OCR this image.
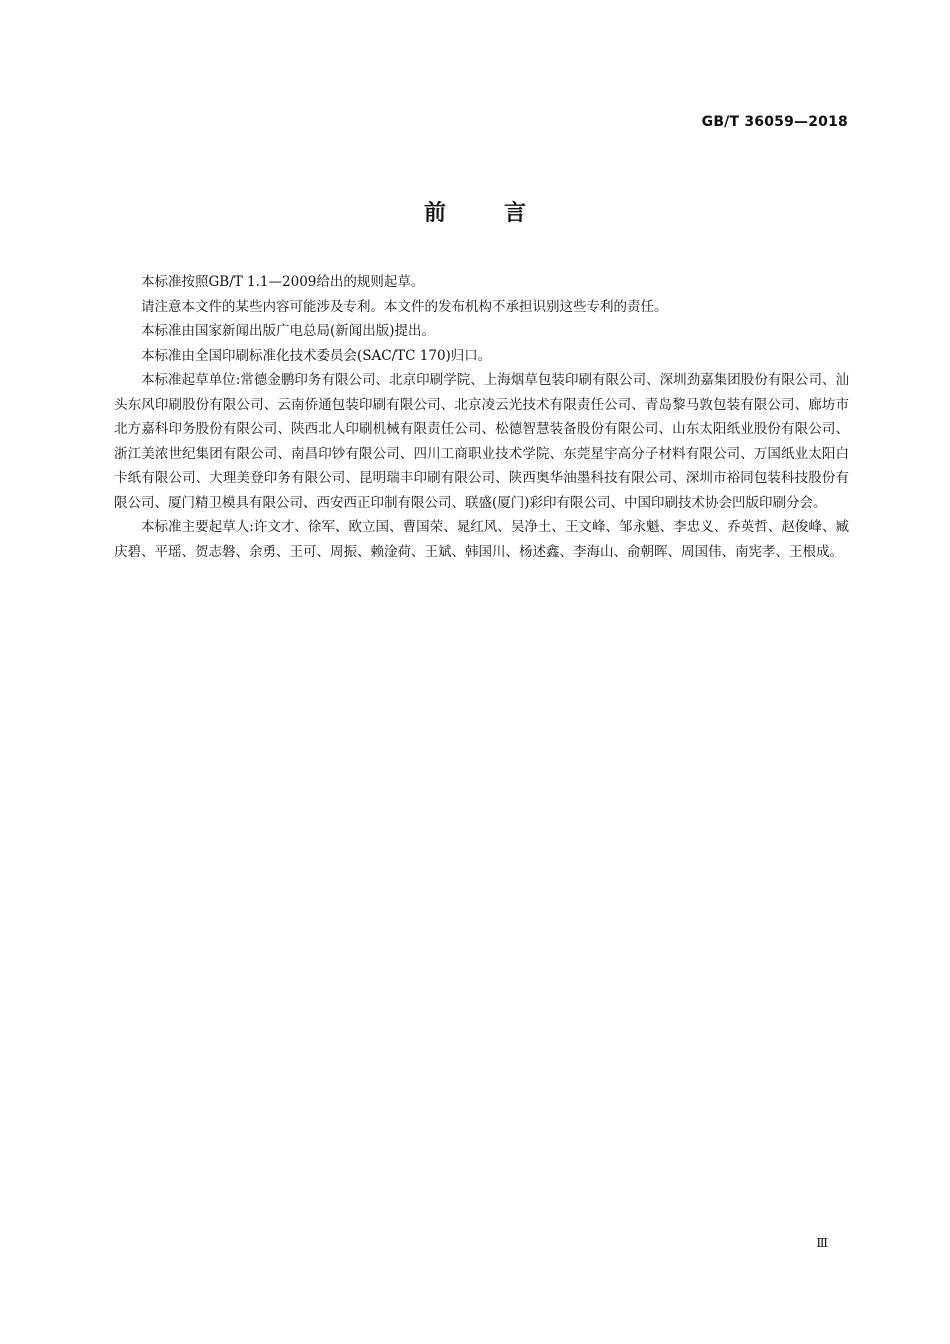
GB/T 36059—2018
前言

本标准按照GB/T 1.1—2009给出的规则起草。

请注意本文件的某些内容可能涉及专利。本文件的发布机构不承担识别这些专利的责任。

本标准由国家新闻出版广电总局(新闻出版)提出。

本标准由全国印刷标准化技术委员会(SAC/TC 170)归口。

本标准起草单位:常德金鹏印务有限公司、北京印刷学院、上海烟草包装印刷有限公司、深圳劲嘉集团股份有限公司、汕头东风印刷股份有限公司、云南侨通包装印刷有限公司、北京凌云光技术有限责任公司、青岛黎马敦包装有限公司、廊坊市北方嘉科印务股份有限公司、陕西北人印刷机械有限责任公司、松德智慧装备股份有限公司、山东太阳纸业股份有限公司、浙江美浓世纪集团有限公司、南昌印钞有限公司、四川工商职业技术学院、东莞星宇高分子材料有限公司、万国纸业太阳白卡纸有限公司、大理美登印务有限公司、昆明瑞丰印刷有限公司、陕西奥华油墨科技有限公司、深圳市裕同包装科技股份有限公司、厦门精卫模具有限公司、西安西正印制有限公司、联盛(厦门)彩印有限公司、中国印刷技术协会凹版印刷分会。

本标准主要起草人:许文才、徐军、欧立国、曹国荣、晁红风、吴净土、王文峰、邹永魁、李忠义、乔英哲、赵俊峰、臧庆碧、平瑶、贺志磐、余勇、王可、周振、赖淦荷、王斌、韩国川、杨述鑫、李海山、俞朝晖、周国伟、南宪孝、王根成。

Ⅲ
